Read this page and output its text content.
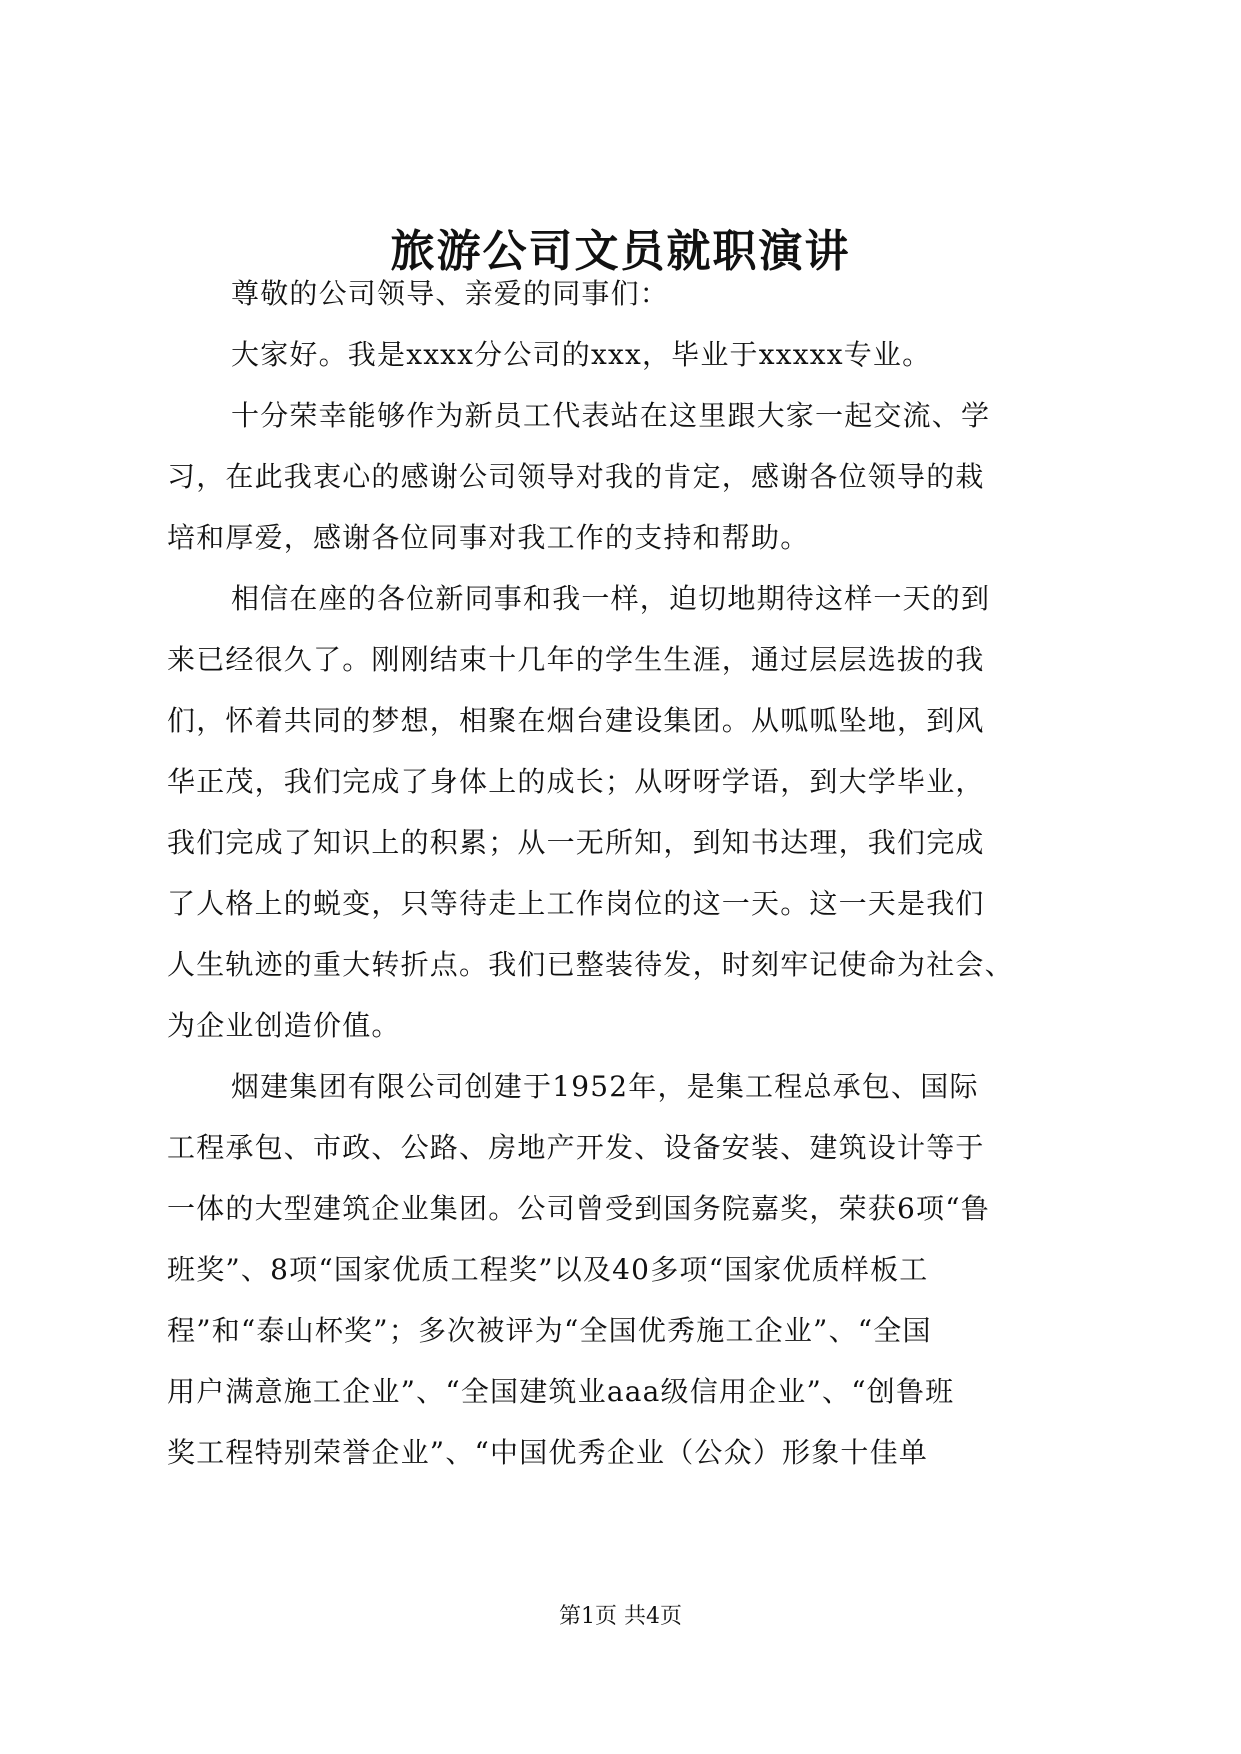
旅游公司文员就职演讲
尊敬的公司领导、亲爱的同事们：
大家好。我是xxxx分公司的xxx，毕业于xxxxx专业。
十分荣幸能够作为新员工代表站在这里跟大家一起交流、学
习，在此我衷心的感谢公司领导对我的肯定，感谢各位领导的栽
培和厚爱，感谢各位同事对我工作的支持和帮助。
相信在座的各位新同事和我一样，迫切地期待这样一天的到
来已经很久了。刚刚结束十几年的学生生涯，通过层层选拔的我
们，怀着共同的梦想，相聚在烟台建设集团。从呱呱坠地，到风
华正茂，我们完成了身体上的成长；从呀呀学语，到大学毕业，
我们完成了知识上的积累；从一无所知，到知书达理，我们完成
了人格上的蜕变，只等待走上工作岗位的这一天。这一天是我们
人生轨迹的重大转折点。我们已整装待发，时刻牢记使命为社会、
为企业创造价值。
烟建集团有限公司创建于1952年，是集工程总承包、国际
工程承包、市政、公路、房地产开发、设备安装、建筑设计等于
一体的大型建筑企业集团。公司曾受到国务院嘉奖，荣获6项“鲁
班奖”、8项“国家优质工程奖”以及40多项“国家优质样板工
程”和“泰山杯奖”；多次被评为“全国优秀施工企业”、“全国
用户满意施工企业”、“全国建筑业aaa级信用企业”、“创鲁班
奖工程特别荣誉企业”、“中国优秀企业（公众）形象十佳单
第1页 共4页
